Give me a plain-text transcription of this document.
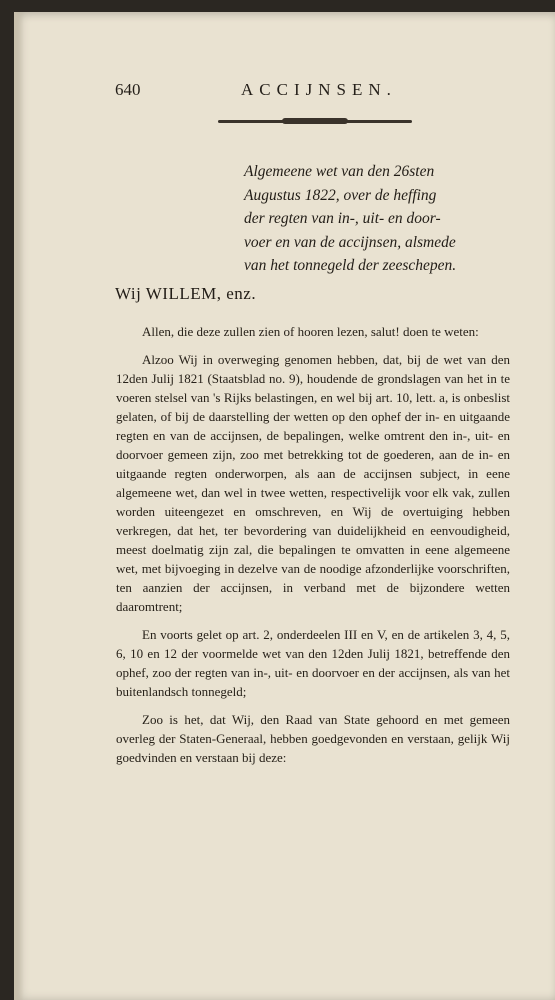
640	ACCIJNSEN.
Algemeene wet van den 26sten
Augustus 1822, over de heffing
der regten van in-, uit- en door-
voer en van de accijnsen, alsmede
van het tonnegeld der zeeschepen.
Wij WILLEM, enz.

Allen, die deze zullen zien of hooren lezen, salut! doen te weten:

Alzoo Wij in overweging genomen hebben, dat, bij de wet van den 12den Julij 1821 (Staatsblad no. 9), houdende de grondslagen van het in te voeren stelsel van 's Rijks belastingen, en wel bij art. 10, lett. a, is onbeslist gelaten, of bij de daarstelling der wetten op den ophef der in- en uitgaande regten en van de accijnsen, de bepalingen, welke omtrent den in-, uit- en doorvoer gemeen zijn, zoo met betrekking tot de goederen, aan de in- en uitgaande regten onderworpen, als aan de accijnsen subject, in eene algemeene wet, dan wel in twee wetten, respectivelijk voor elk vak, zullen worden uiteengezet en omschreven, en Wij de overtuiging hebben verkregen, dat het, ter bevordering van duidelijkheid en eenvoudigheid, meest doelmatig zijn zal, die bepalingen te omvatten in eene algemeene wet, met bijvoeging in dezelve van de noodige afzonderlijke voorschriften, ten aanzien der accijnsen, in verband met de bijzondere wetten daaromtrent;

En voorts gelet op art. 2, onderdeelen III en V, en de artikelen 3, 4, 5, 6, 10 en 12 der voormelde wet van den 12den Julij 1821, betreffende den ophef, zoo der regten van in-, uit- en doorvoer en der accijnsen, als van het buitenlandsch tonnegeld;

Zoo is het, dat Wij, den Raad van State gehoord en met gemeen overleg der Staten-Generaal, hebben goedgevonden en verstaan, gelijk Wij goedvinden en verstaan bij deze:
